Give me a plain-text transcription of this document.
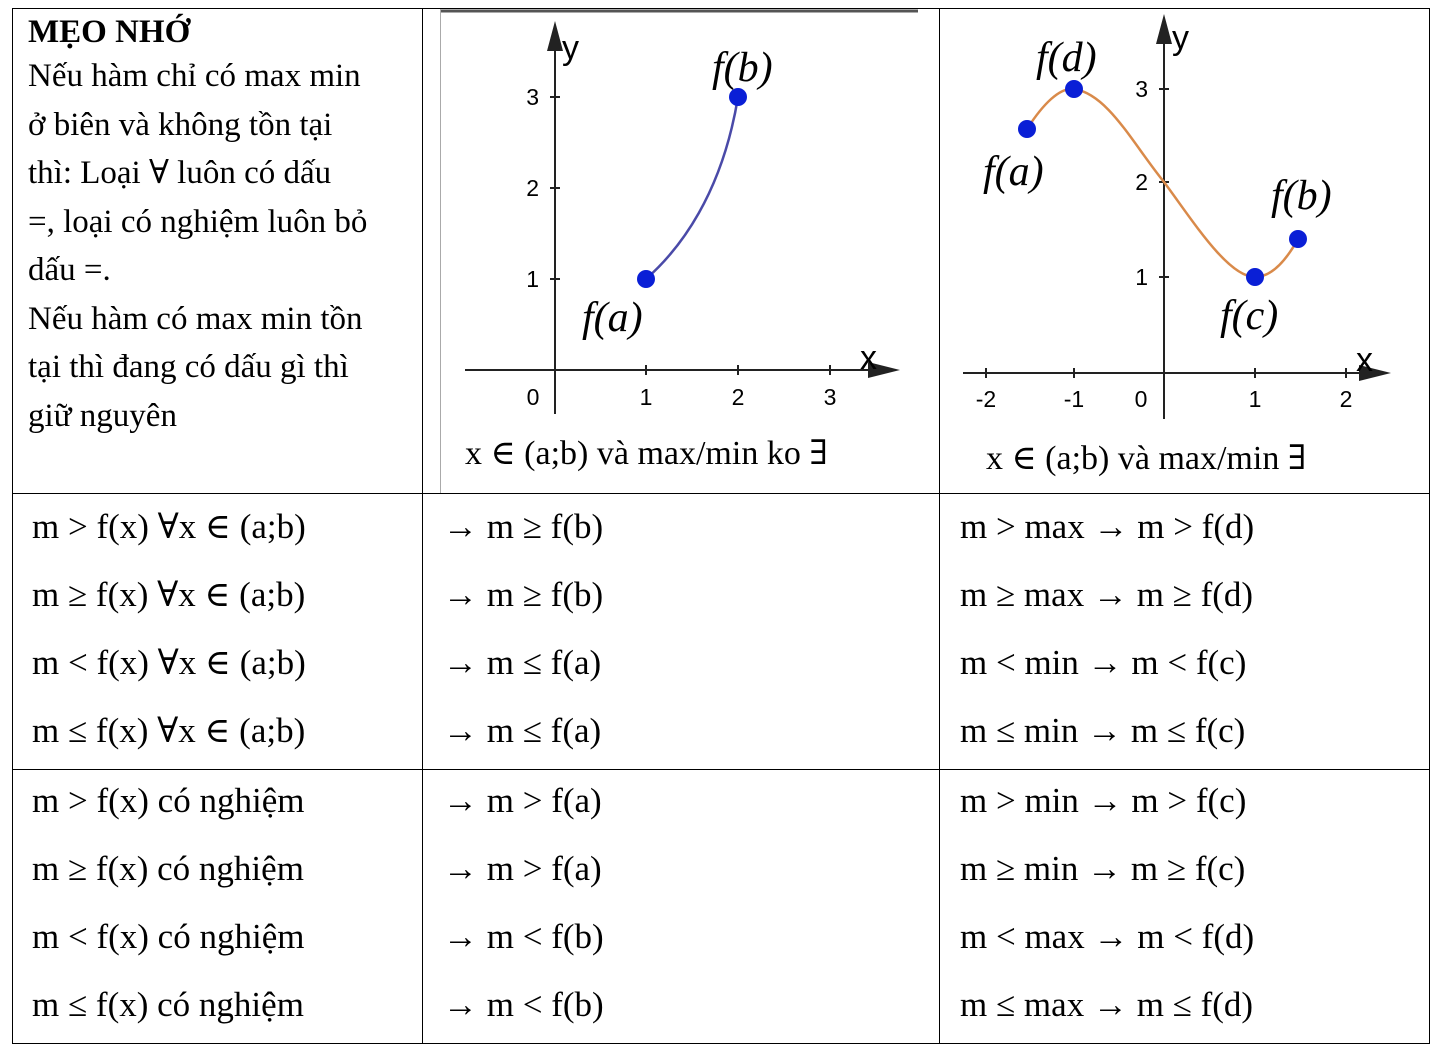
MẸO NHỚ
Nếu hàm chỉ có max min
ở biên và không tồn tại
thì: Loại ∀ luôn có dấu
=, loại có nghiệm luôn bỏ
dấu =.
Nếu hàm có max min tồn
tại thì đang có dấu gì thì
giữ nguyên
y
x
0	1	2	3
1
2
3
f(a)
f(b)
x ∈ (a;b) và max/min ko ∃
y
x
-2	-1 0	1	2
1
2
3
f(a)
f(d)
f(c)
f(b)
x ∈ (a;b) và max/min ∃
m > f(x) ∀x ∈ (a;b)	→ m ≥ f(b)	m > max → m > f(d)
m ≥ f(x) ∀x ∈ (a;b)	→ m ≥ f(b)	m ≥ max → m ≥ f(d)
m < f(x) ∀x ∈ (a;b)	→ m ≤ f(a)	m < min → m < f(c)
m ≤ f(x) ∀x ∈ (a;b)	→ m ≤ f(a)	m ≤ min → m ≤ f(c)
m > f(x) có nghiệm	→ m > f(a)	m > min → m > f(c)
m ≥ f(x) có nghiệm	→ m > f(a)	m ≥ min → m ≥ f(c)
m < f(x) có nghiệm	→ m < f(b)	m < max → m < f(d)
m ≤ f(x) có nghiệm	→ m < f(b)	m ≤ max → m ≤ f(d)
